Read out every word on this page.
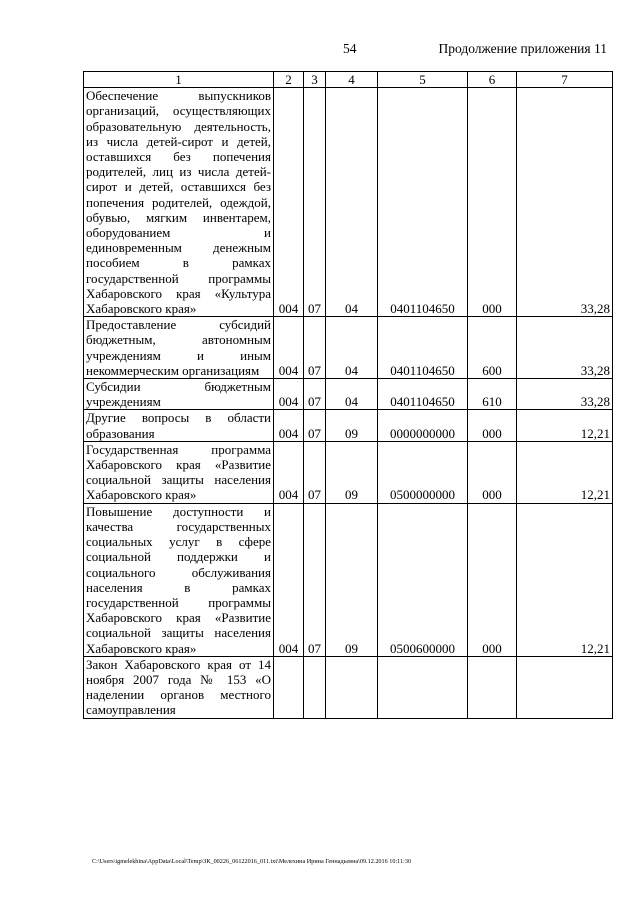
54	Продолжение приложения 11
1	2	3	4	5	6	7
Обеспечение выпускников организаций, осуществляющих образовательную деятельность, из числа детей-сирот и детей, оставшихся без попечения родителей, лиц из числа детей-сирот и детей, оставшихся без попечения родителей, одеждой, обувью, мягким инвентарем, оборудованием и единовременным денежным пособием в рамках государственной программы Хабаровского края «Культура Хабаровского края»	004	07	04	0401104650	000	33,28
Предоставление субсидий бюджетным, автономным учреждениям и иным некоммерческим организациям	004	07	04	0401104650	600	33,28
Субсидии бюджетным учреждениям	004	07	04	0401104650	610	33,28
Другие вопросы в области образования	004	07	09	0000000000	000	12,21
Государственная программа Хабаровского края «Развитие социальной защиты населения Хабаровского края»	004	07	09	0500000000	000	12,21
Повышение доступности и качества государственных социальных услуг в сфере социальной поддержки и социального обслуживания населения в рамках государственной программы Хабаровского края «Развитие социальной защиты населения Хабаровского края»	004	07	09	0500600000	000	12,21
Закон Хабаровского края от 14 ноября 2007 года № 153 «О наделении органов местного самоуправления						
C:\Users\igmelekhina\AppData\Local\Temp\ЗК_00226_06122016_011.txt\Мелехина Ирина Геннадьевна\09.12.2016 10:11:30
